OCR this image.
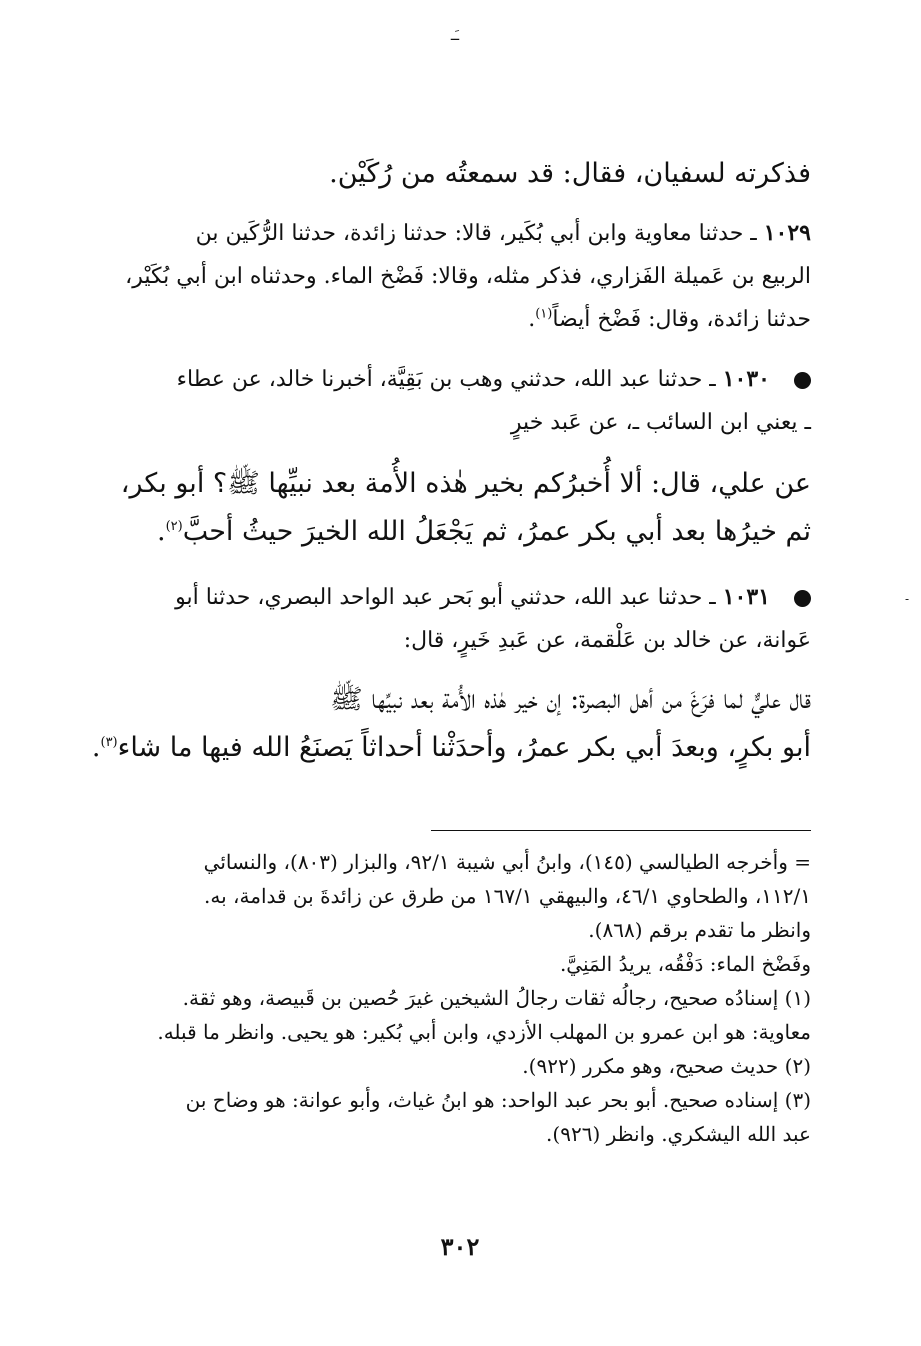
ـَـ
-
فذكرته لسفيان، فقال: قد سمعتُه من رُكَيْن.
١٠٢٩ ـ حدثنا معاوية وابن أبي بُكَير، قالا: حدثنا زائدة، حدثنا الرُّكَين بن
الربيع بن عَميلة الفَزاري، فذكر مثله، وقالا: فَضْخ الماء. وحدثناه ابن أبي بُكَيْر،
حدثنا زائدة، وقال: فَضْخ أيضاً$^{(١)}$.
١٠٣٠ ـ حدثنا عبد الله، حدثني وهب بن بَقِيَّة، أخبرنا خالد، عن عطاء
ـ يعني ابن السائب ـ، عن عَبد خيرٍ
عن علي، قال: ألا أُخبرُكم بخير هٰذه الأُمة بعد نبيِّها ﷺ؟ أبو بكر،
ثم خيرُها بعد أبي بكر عمرُ، ثم يَجْعَلُ الله الخيرَ حيثُ أحبَّ$^{(٢)}$.
١٠٣١ ـ حدثنا عبد الله، حدثني أبو بَحر عبد الواحد البصري، حدثنا أبو
عَوانة، عن خالد بن عَلْقمة، عن عَبدِ خَيرٍ، قال:
قال عليٌّ لما فرَغَ من أهل البصرة: إن خير هٰذه الأُمة بعد نبيِّها ﷺ
أبو بكرٍ، وبعدَ أبي بكر عمرُ، وأحدَثْنا أحداثاً يَصنَعُ الله فيها ما شاء$^{(٣)}$.
= وأخرجه الطيالسي (١٤٥)، وابنُ أبي شيبة ٩٢/١، والبزار (٨٠٣)، والنسائي
١١٢/١، والطحاوي ٤٦/١، والبيهقي ١٦٧/١ من طرق عن زائدةَ بن قدامة، به.
وانظر ما تقدم برقم (٨٦٨).
وفَضْخ الماء: دَفْقُه، يريدُ المَنِيَّ.
(١) إسنادُه صحيح، رجالُه ثقات رجالُ الشيخين غيرَ حُصين بن قَبيصة، وهو ثقة.
معاوية: هو ابن عمرو بن المهلب الأزدي، وابن أبي بُكير: هو يحيى. وانظر ما قبله.
(٢) حديث صحيح، وهو مكرر (٩٢٢).
(٣) إسناده صحيح. أبو بحر عبد الواحد: هو ابنُ غياث، وأبو عوانة: هو وضاح بن
عبد الله اليشكري. وانظر (٩٢٦).
٣٠٢
